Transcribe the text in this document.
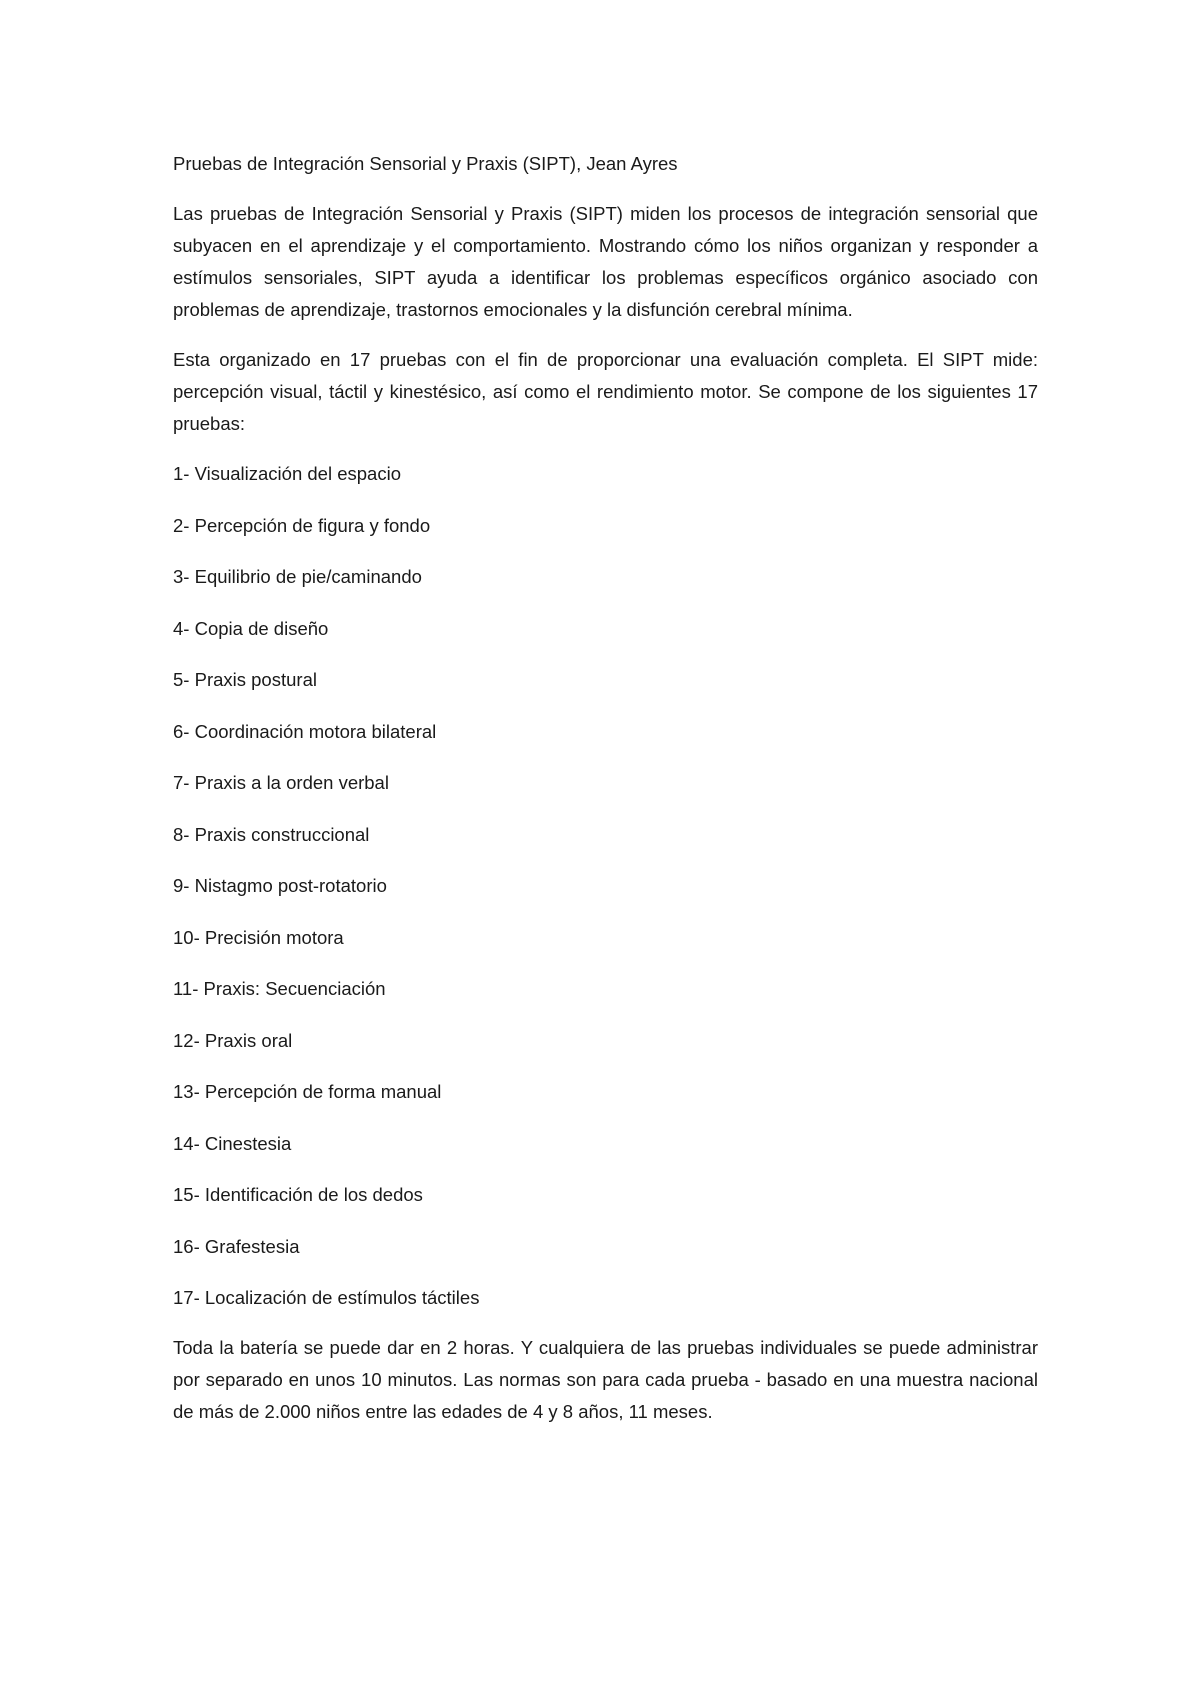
Pruebas de Integración Sensorial y Praxis (SIPT), Jean Ayres

Las pruebas de Integración Sensorial y Praxis (SIPT) miden los procesos de integración sensorial que subyacen en el aprendizaje y el comportamiento. Mostrando cómo los niños organizan y responder a estímulos sensoriales, SIPT ayuda a identificar los problemas específicos orgánico asociado con problemas de aprendizaje, trastornos emocionales y la disfunción cerebral mínima.

Esta organizado en 17 pruebas con el fin de proporcionar una evaluación completa. El SIPT mide: percepción visual, táctil y kinestésico, así como el rendimiento motor. Se compone de los siguientes 17 pruebas:

1- Visualización del espacio
2- Percepción de figura y fondo
3- Equilibrio de pie/caminando
4- Copia de diseño
5- Praxis postural
6- Coordinación motora bilateral
7- Praxis a la orden verbal
8- Praxis construccional
9- Nistagmo post-rotatorio
10- Precisión motora
11- Praxis: Secuenciación
12- Praxis oral
13- Percepción de forma manual
14- Cinestesia
15- Identificación de los dedos
16- Grafestesia
17- Localización de estímulos táctiles

Toda la batería se puede dar en 2 horas. Y cualquiera de las pruebas individuales se puede administrar por separado en unos 10 minutos. Las normas son para cada prueba - basado en una muestra nacional de más de 2.000 niños entre las edades de 4 y 8 años, 11 meses.
